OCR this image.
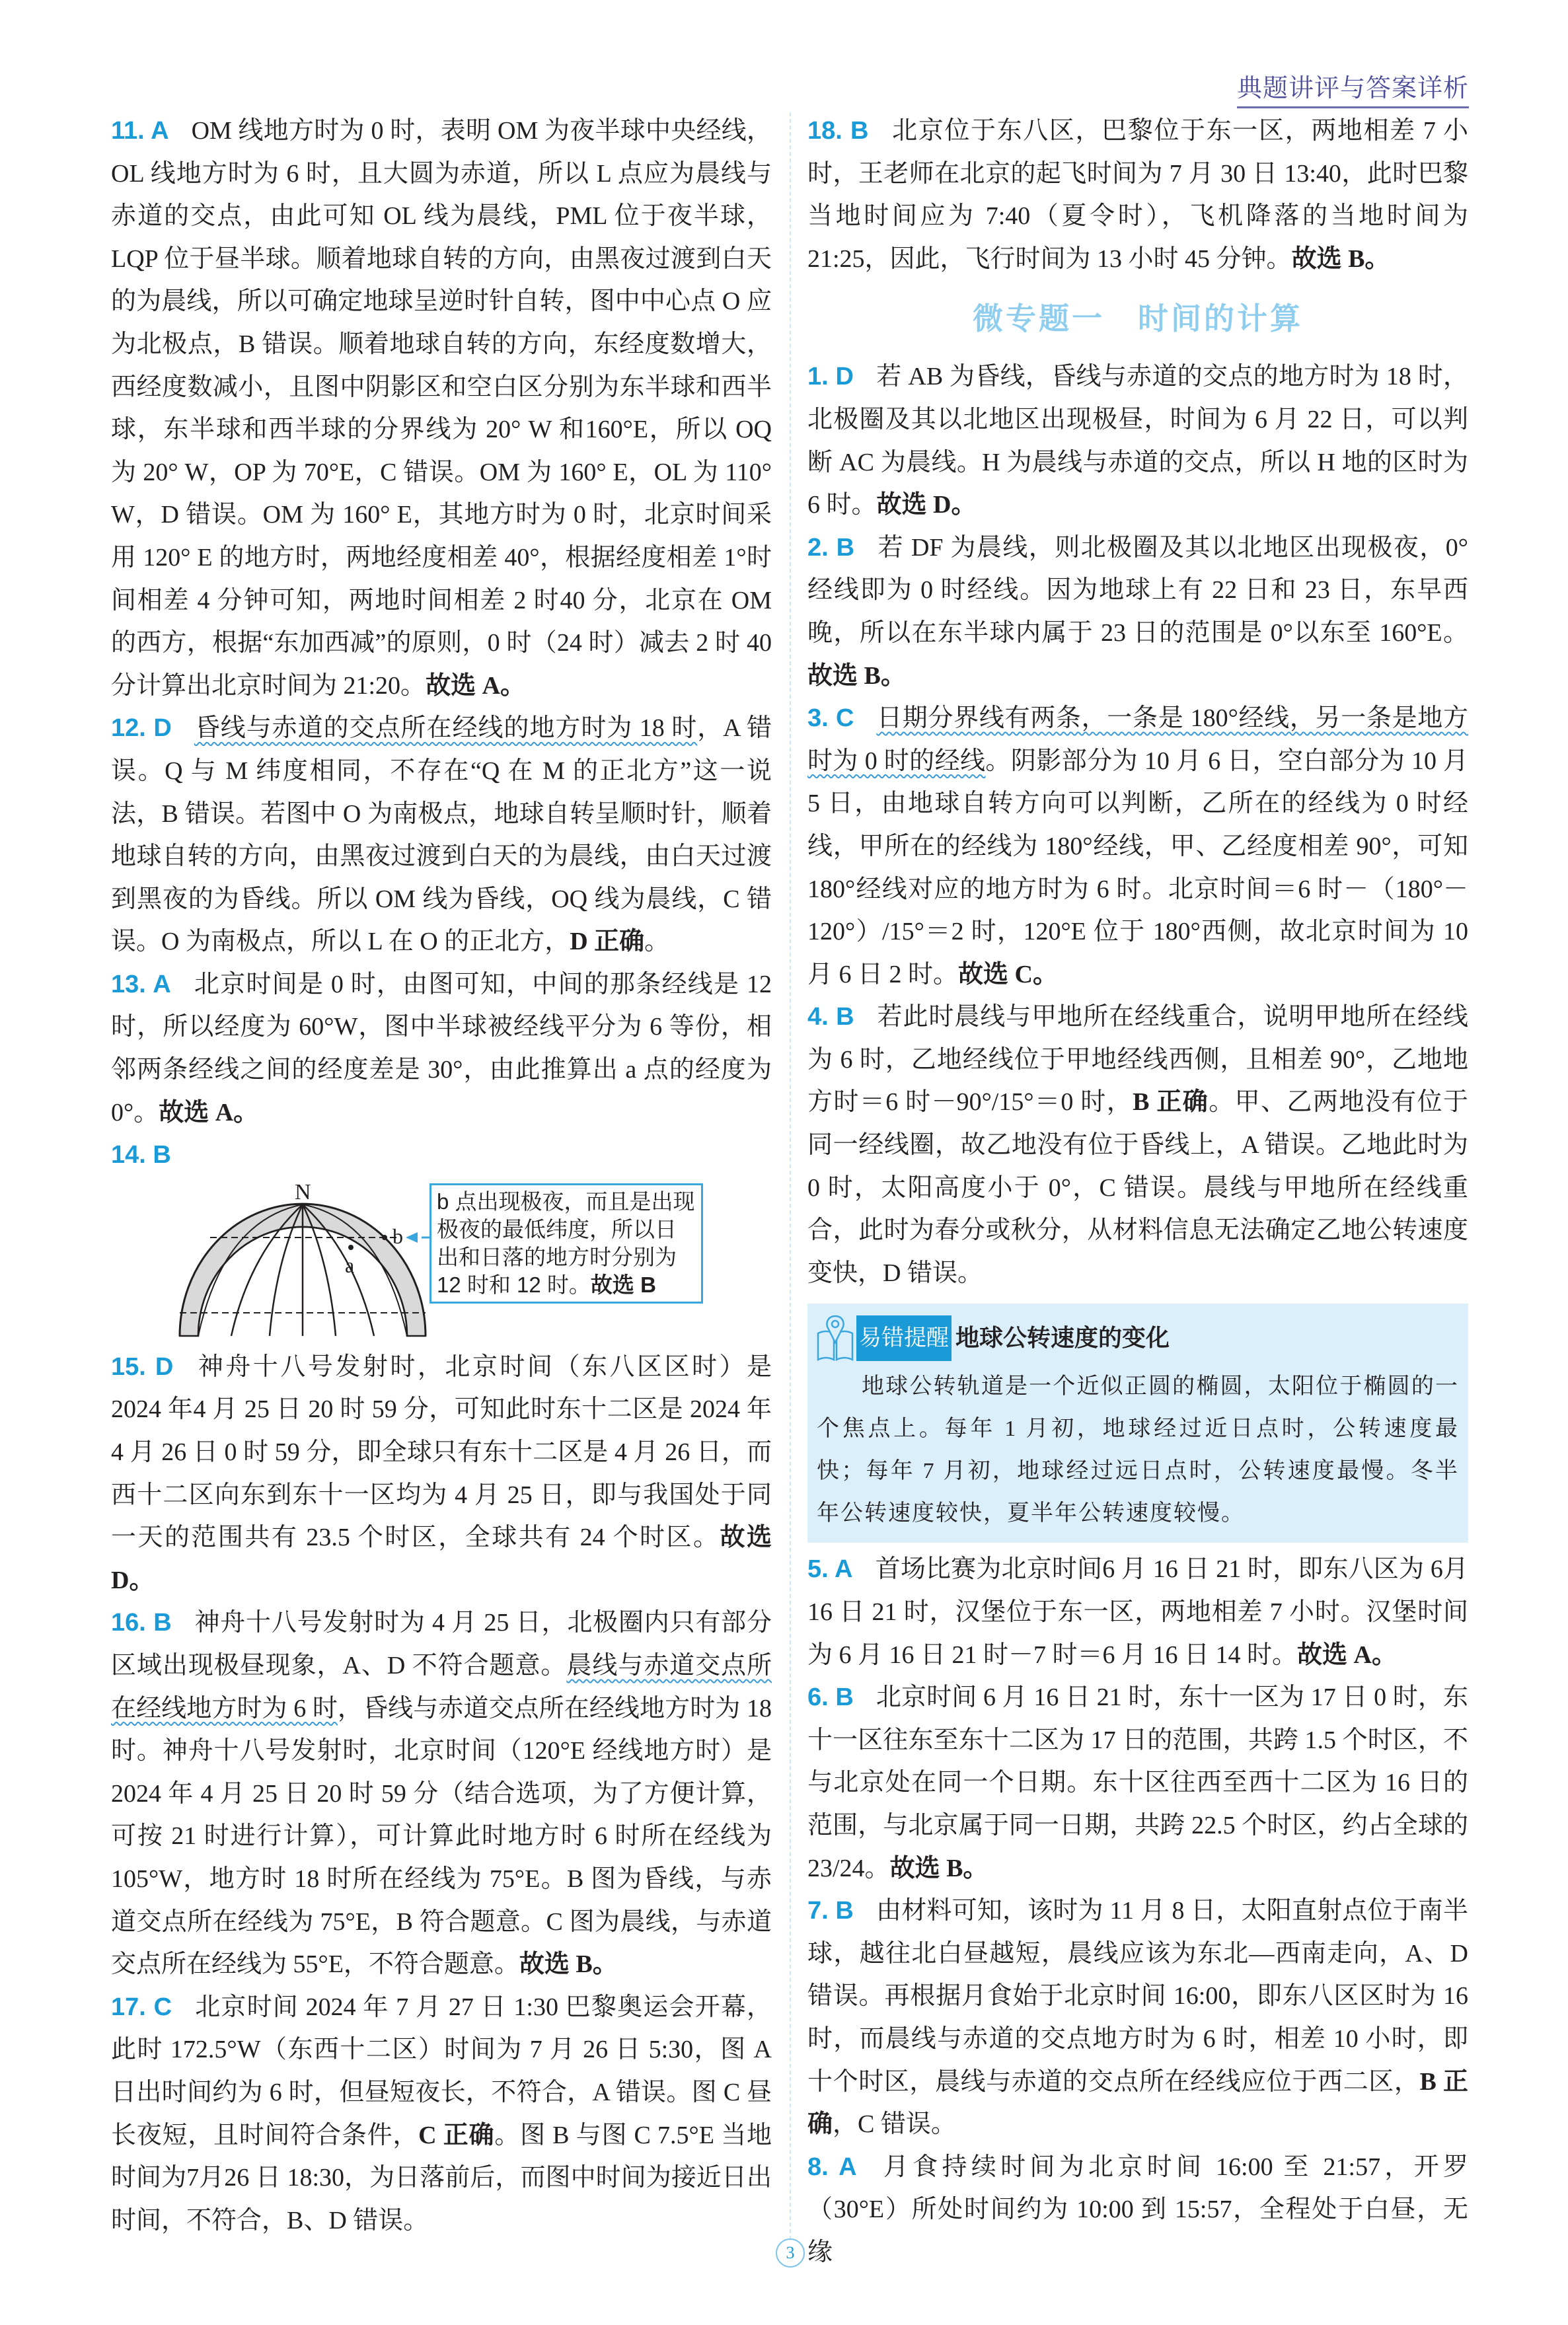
典题讲评与答案详析

11. A OM 线地方时为 0 时，表明 OM 为夜半球中央经线，OL 线地方时为 6 时，且大圆为赤道，所以 L 点应为晨线与赤道的交点，由此可知 OL 线为晨线，PML 位于夜半球，LQP 位于昼半球。顺着地球自转的方向，由黑夜过渡到白天的为晨线，所以可确定地球呈逆时针自转，图中中心点 O 应为北极点，B 错误。顺着地球自转的方向，东经度数增大，西经度数减小，且图中阴影区和空白区分别为东半球和西半球，东半球和西半球的分界线为 20° W 和160°E，所以 OQ 为 20° W，OP 为 70°E，C 错误。OM 为 160° E，OL 为 110° W，D 错误。OM 为 160° E，其地方时为 0 时，北京时间采用 120° E 的地方时，两地经度相差 40°，根据经度相差 1°时间相差 4 分钟可知，两地时间相差 2 时40 分，北京在 OM 的西方，根据“东加西减”的原则，0 时（24 时）减去 2 时 40 分计算出北京时间为 21:20。故选 A。

12. D 昏线与赤道的交点所在经线的地方时为 18 时，A 错误。Q 与 M 纬度相同，不存在“Q 在 M 的正北方”这一说法，B 错误。若图中 O 为南极点，地球自转呈顺时针，顺着地球自转的方向，由黑夜过渡到白天的为晨线，由白天过渡到黑夜的为昏线。所以 OM 线为昏线，OQ 线为晨线，C 错误。O 为南极点，所以 L 在 O 的正北方，D 正确。

13. A 北京时间是 0 时，由图可知，中间的那条经线是 12 时，所以经度为 60°W，图中半球被经线平分为 6 等份，相邻两条经线之间的经度差是 30°，由此推算出 a 点的经度为 0°。故选 A。

14. B

N
a
b
b 点出现极夜，而且是出现极夜的最低纬度，所以日出和日落的地方时分别为 12 时和 12 时。故选 B

15. D 神舟十八号发射时，北京时间（东八区区时）是 2024 年4 月 25 日 20 时 59 分，可知此时东十二区是 2024 年4 月 26 日 0 时 59 分，即全球只有东十二区是 4 月 26 日，而西十二区向东到东十一区均为 4 月 25 日，即与我国处于同一天的范围共有 23.5 个时区，全球共有 24 个时区。故选 D。

16. B 神舟十八号发射时为 4 月 25 日，北极圈内只有部分区域出现极昼现象，A、D 不符合题意。晨线与赤道交点所在经线地方时为 6 时，昏线与赤道交点所在经线地方时为 18 时。神舟十八号发射时，北京时间（120°E 经线地方时）是 2024 年 4 月 25 日 20 时 59 分（结合选项，为了方便计算，可按 21 时进行计算），可计算此时地方时 6 时所在经线为 105°W，地方时 18 时所在经线为 75°E。B 图为昏线，与赤道交点所在经线为 75°E，B 符合题意。C 图为晨线，与赤道交点所在经线为 55°E，不符合题意。故选 B。

17. C 北京时间 2024 年 7 月 27 日 1:30 巴黎奥运会开幕，此时 172.5°W（东西十二区）时间为 7 月 26 日 5:30，图 A 日出时间约为 6 时，但昼短夜长，不符合，A 错误。图 C 昼长夜短，且时间符合条件，C 正确。图 B 与图 C 7.5°E 当地时间为7月26 日 18:30，为日落前后，而图中时间为接近日出时间，不符合，B、D 错误。

18. B 北京位于东八区，巴黎位于东一区，两地相差 7 小时，王老师在北京的起飞时间为 7 月 30 日 13:40，此时巴黎当地时间应为 7:40（夏令时），飞机降落的当地时间为 21:25，因此，飞行时间为 13 小时 45 分钟。故选 B。

微专题一　时间的计算

1. D 若 AB 为昏线，昏线与赤道的交点的地方时为 18 时，北极圈及其以北地区出现极昼，时间为 6 月 22 日，可以判断 AC 为晨线。H 为晨线与赤道的交点，所以 H 地的区时为 6 时。故选 D。

2. B 若 DF 为晨线，则北极圈及其以北地区出现极夜，0°经线即为 0 时经线。因为地球上有 22 日和 23 日，东早西晚，所以在东半球内属于 23 日的范围是 0°以东至 160°E。故选 B。

3. C 日期分界线有两条，一条是 180°经线，另一条是地方时为 0 时的经线。阴影部分为 10 月 6 日，空白部分为 10 月 5 日，由地球自转方向可以判断，乙所在的经线为 0 时经线，甲所在的经线为 180°经线，甲、乙经度相差 90°，可知 180°经线对应的地方时为 6 时。北京时间＝6 时－（180°－120°）/15°＝2 时，120°E 位于 180°西侧，故北京时间为 10 月 6 日 2 时。故选 C。

4. B 若此时晨线与甲地所在经线重合，说明甲地所在经线为 6 时，乙地经线位于甲地经线西侧，且相差 90°，乙地地方时＝6 时－90°/15°＝0 时，B 正确。甲、乙两地没有位于同一经线圈，故乙地没有位于昏线上，A 错误。乙地此时为 0 时，太阳高度小于 0°，C 错误。晨线与甲地所在经线重合，此时为春分或秋分，从材料信息无法确定乙地公转速度变快，D 错误。

易错提醒 地球公转速度的变化
地球公转轨道是一个近似正圆的椭圆，太阳位于椭圆的一个焦点上。每年 1 月初，地球经过近日点时，公转速度最快；每年 7 月初，地球经过远日点时，公转速度最慢。冬半年公转速度较快，夏半年公转速度较慢。

5. A 首场比赛为北京时间6 月 16 日 21 时，即东八区为 6月16 日 21 时，汉堡位于东一区，两地相差 7 小时。汉堡时间为 6 月 16 日 21 时－7 时＝6 月 16 日 14 时。故选 A。

6. B 北京时间 6 月 16 日 21 时，东十一区为 17 日 0 时，东十一区往东至东十二区为 17 日的范围，共跨 1.5 个时区，不与北京处在同一个日期。东十区往西至西十二区为 16 日的范围，与北京属于同一日期，共跨 22.5 个时区，约占全球的 23/24。故选 B。

7. B 由材料可知，该时为 11 月 8 日，太阳直射点位于南半球，越往北白昼越短，晨线应该为东北—西南走向，A、D 错误。再根据月食始于北京时间 16:00，即东八区区时为 16 时，而晨线与赤道的交点地方时为 6 时，相差 10 小时，即十个时区，晨线与赤道的交点所在经线应位于西二区，B 正确，C 错误。

8. A 月食持续时间为北京时间 16:00 至 21:57，开罗（30°E）所处时间约为 10:00 到 15:57，全程处于白昼，无缘

3
